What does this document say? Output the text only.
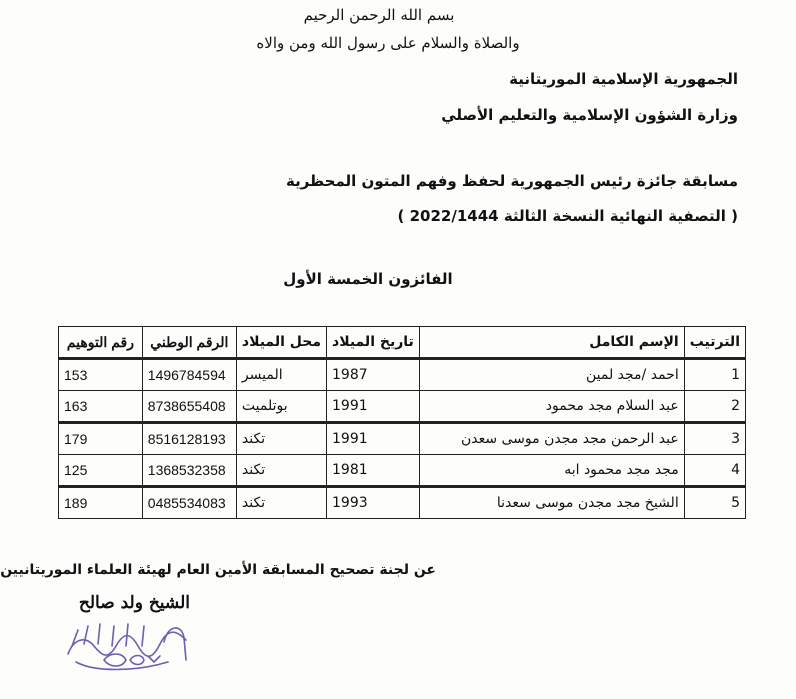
بسم الله الرحمن الرحيم
والصلاة والسلام على رسول الله ومن والاه
الجمهورية الإسلامية الموريتانية
وزارة الشؤون الإسلامية والتعليم الأصلي
مسابقة جائزة رئيس الجمهورية لحفظ وفهم المتون المحظرية
( التصفية النهائية النسخة الثالثة 2022/1444 )
الفائزون الخمسة الأول
الترتيب	الإسم الكامل	تاريخ الميلاد	محل الميلاد	الرقم الوطني	رقم التوهيم
1	احمد /مجد لمين	1987	الميسر	1496784594	153
2	عبد السلام مجد محمود	1991	بوتلميت	8738655408	163
3	عبد الرحمن مجد مجدن موسى سعدن	1991	تكند	8516128193	179
4	مجد مجد محمود ابه	1981	تكند	1368532358	125
5	الشيخ مجد مجدن موسى سعدنا	1993	تكند	0485534083	189
عن لجنة تصحيح المسابقة الأمين العام لهيئة العلماء الموريتانيين
الشيخ ولد صالح
